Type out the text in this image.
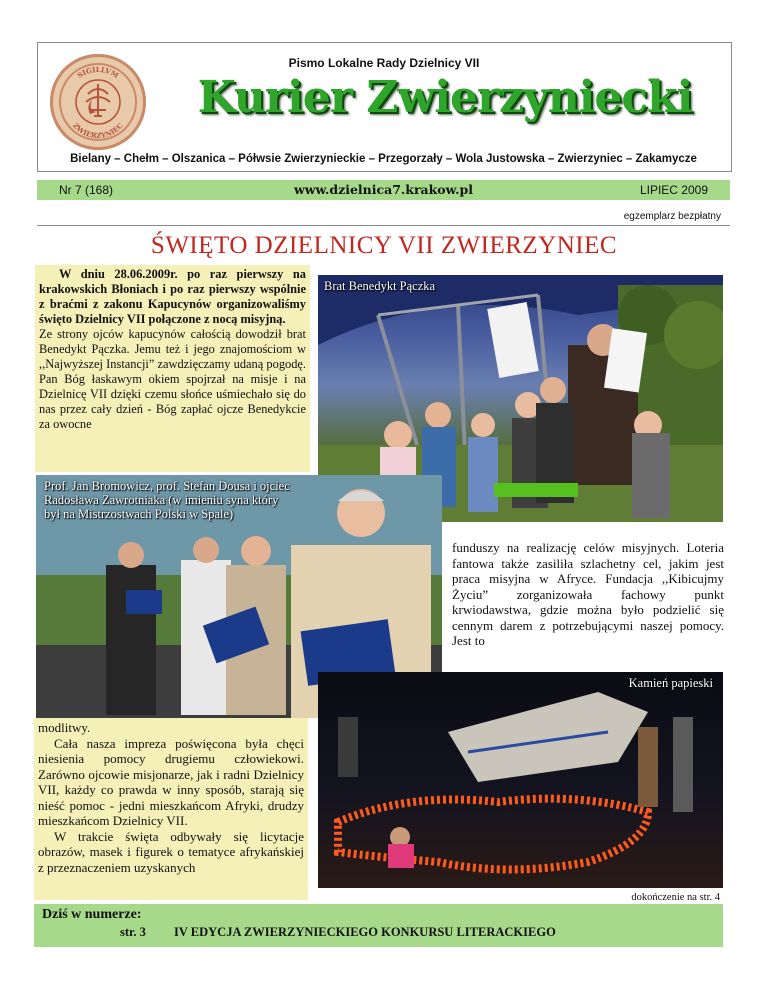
SIGILLVM
ZWIERZYNIEC
Pismo Lokalne Rady Dzielnicy VII
Kurier Zwierzyniecki
Bielany – Chełm – Olszanica – Półwsie Zwierzynieckie – Przegorzały – Wola Justowska – Zwierzyniec – Zakamycze
Nr 7 (168)	www.dzielnica7.krakow.pl	LIPIEC 2009
egzemplarz bezpłatny
ŚWIĘTO DZIELNICY VII ZWIERZYNIEC

W dniu 28.06.2009r. po raz pierwszy na krakowskich Błoniach i po raz pierwszy wspólnie z braćmi z zakonu Kapucynów organizowaliśmy święto Dzielnicy VII połączone z nocą misyjną.

Ze strony ojców kapucynów całością dowodził brat Benedykt Pączka. Jemu też i jego znajomościom w ,,Najwyższej Instancji” zawdzięczamy udaną pogodę. Pan Bóg łaskawym okiem spojrzał na misje i na Dzielnicę VII dzięki czemu słońce uśmiechało się do nas przez cały dzień - Bóg zapłać ojcze Benedykcie za owocne

Brat Benedykt Pączka
Prof. Jan Bromowicz, prof. Stefan Dousa i ojciec Radosława Zawrotniaka (w imieniu syna który był na Mistrzostwach Polski w Spale)

funduszy na realizację celów misyjnych. Loteria fantowa także zasiliła szlachetny cel, jakim jest praca misyjna w Afryce. Fundacja ,,Kibicujmy Życiu” zorganizowała fachowy punkt krwiodawstwa, gdzie można było podzielić się cennym darem z potrzebującymi naszej pomocy. Jest to

Kamień papieski

modlitwy.

Cała nasza impreza poświęcona była chęci niesienia pomocy drugiemu człowiekowi. Zarówno ojcowie misjonarze, jak i radni Dzielnicy VII, każdy co prawda w inny sposób, starają się nieść pomoc - jedni mieszkańcom Afryki, drudzy mieszkańcom Dzielnicy VII.

W trakcie święta odbywały się licytacje obrazów, masek i figurek o tematyce afrykańskiej z przeznaczeniem uzyskanych

dokończenie na str. 4
Dziś w numerze:
str. 3 IV EDYCJA ZWIERZYNIECKIEGO KONKURSU LITERACKIEGO
